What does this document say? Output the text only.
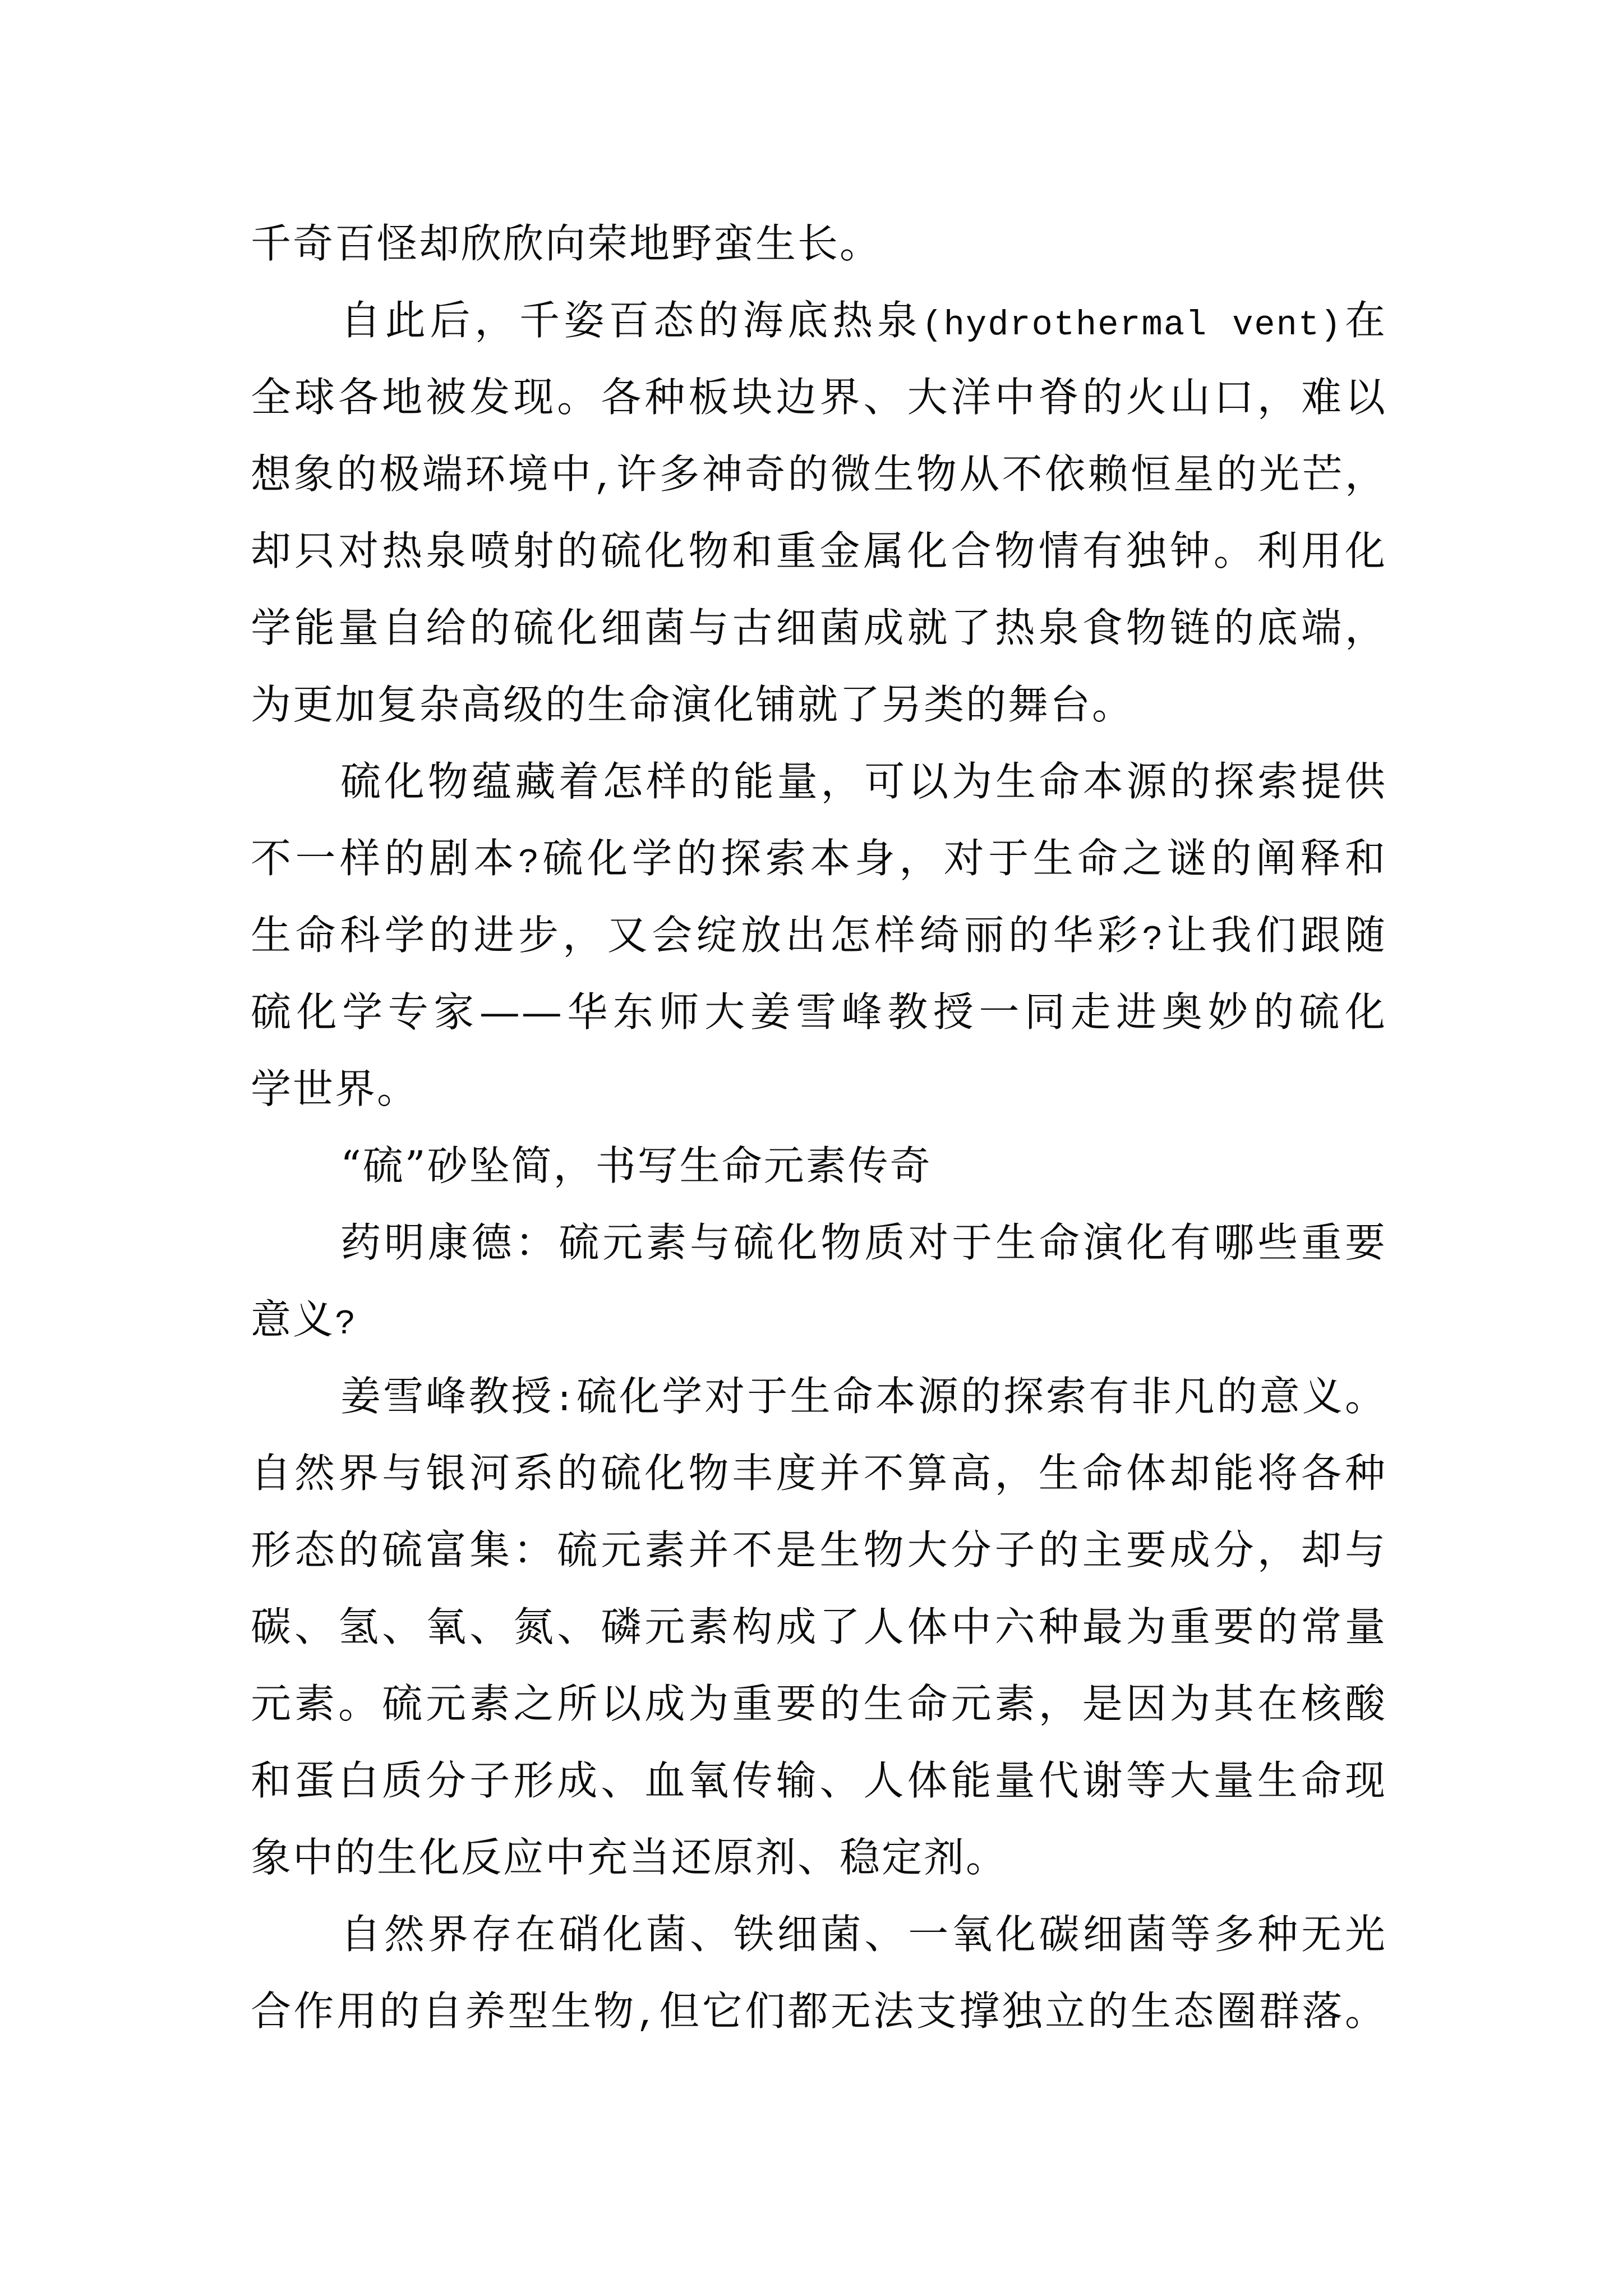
千奇百怪却欣欣向荣地野蛮生长。
自此后，千姿百态的海底热泉(hydrothermal vent)在
全球各地被发现。各种板块边界、大洋中脊的火山口，难以
想象的极端环境中,许多神奇的微生物从不依赖恒星的光芒，
却只对热泉喷射的硫化物和重金属化合物情有独钟。利用化
学能量自给的硫化细菌与古细菌成就了热泉食物链的底端，
为更加复杂高级的生命演化铺就了另类的舞台。
硫化物蕴藏着怎样的能量，可以为生命本源的探索提供
不一样的剧本?硫化学的探索本身，对于生命之谜的阐释和
生命科学的进步，又会绽放出怎样绮丽的华彩?让我们跟随
硫化学专家——华东师大姜雪峰教授一同走进奥妙的硫化
学世界。
“硫”砂坠简，书写生命元素传奇
药明康德：硫元素与硫化物质对于生命演化有哪些重要
意义?
姜雪峰教授:硫化学对于生命本源的探索有非凡的意义。
自然界与银河系的硫化物丰度并不算高，生命体却能将各种
形态的硫富集：硫元素并不是生物大分子的主要成分，却与
碳、氢、氧、氮、磷元素构成了人体中六种最为重要的常量
元素。硫元素之所以成为重要的生命元素，是因为其在核酸
和蛋白质分子形成、血氧传输、人体能量代谢等大量生命现
象中的生化反应中充当还原剂、稳定剂。
自然界存在硝化菌、铁细菌、一氧化碳细菌等多种无光
合作用的自养型生物,但它们都无法支撑独立的生态圈群落。
